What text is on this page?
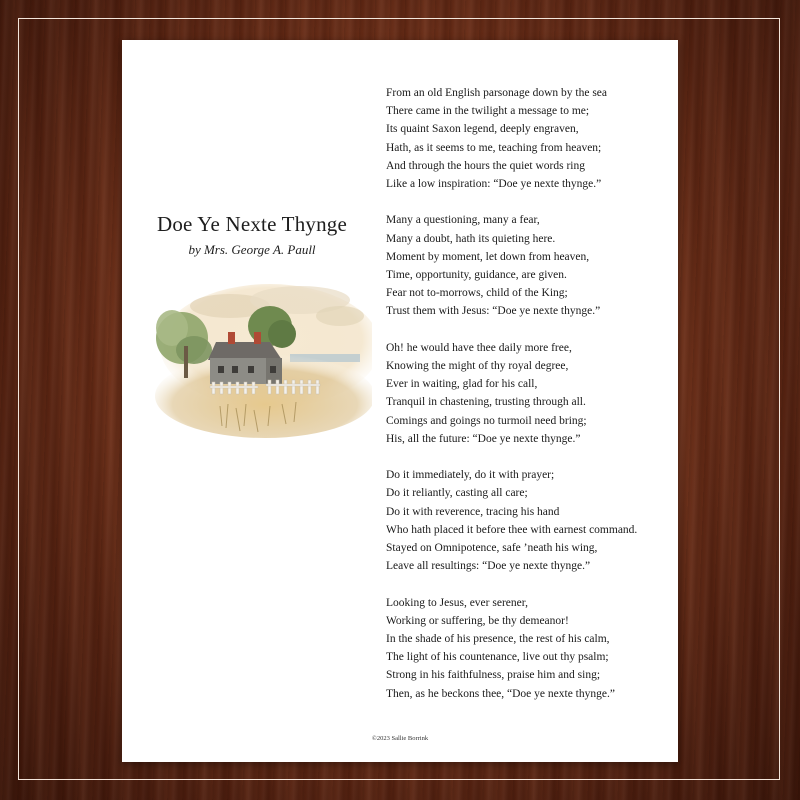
Doe Ye Nexte Thynge
by Mrs. George A. Paull
From an old English parsonage down by the sea
There came in the twilight a message to me;
Its quaint Saxon legend, deeply engraven,
Hath, as it seems to me, teaching from heaven;
And through the hours the quiet words ring
Like a low inspiration: “Doe ye nexte thynge.”
Many a questioning, many a fear,
Many a doubt, hath its quieting here.
Moment by moment, let down from heaven,
Time, opportunity, guidance, are given.
Fear not to-morrows, child of the King;
Trust them with Jesus: “Doe ye nexte thynge.”
Oh! he would have thee daily more free,
Knowing the might of thy royal degree,
Ever in waiting, glad for his call,
Tranquil in chastening, trusting through all.
Comings and goings no turmoil need bring;
His, all the future: “Doe ye nexte thynge.”
Do it immediately, do it with prayer;
Do it reliantly, casting all care;
Do it with reverence, tracing his hand
Who hath placed it before thee with earnest command.
Stayed on Omnipotence, safe ’neath his wing,
Leave all resultings: “Doe ye nexte thynge.”
Looking to Jesus, ever serener,
Working or suffering, be thy demeanor!
In the shade of his presence, the rest of his calm,
The light of his countenance, live out thy psalm;
Strong in his faithfulness, praise him and sing;
Then, as he beckons thee, “Doe ye nexte thynge.”
©2023 Sallie Borrink
